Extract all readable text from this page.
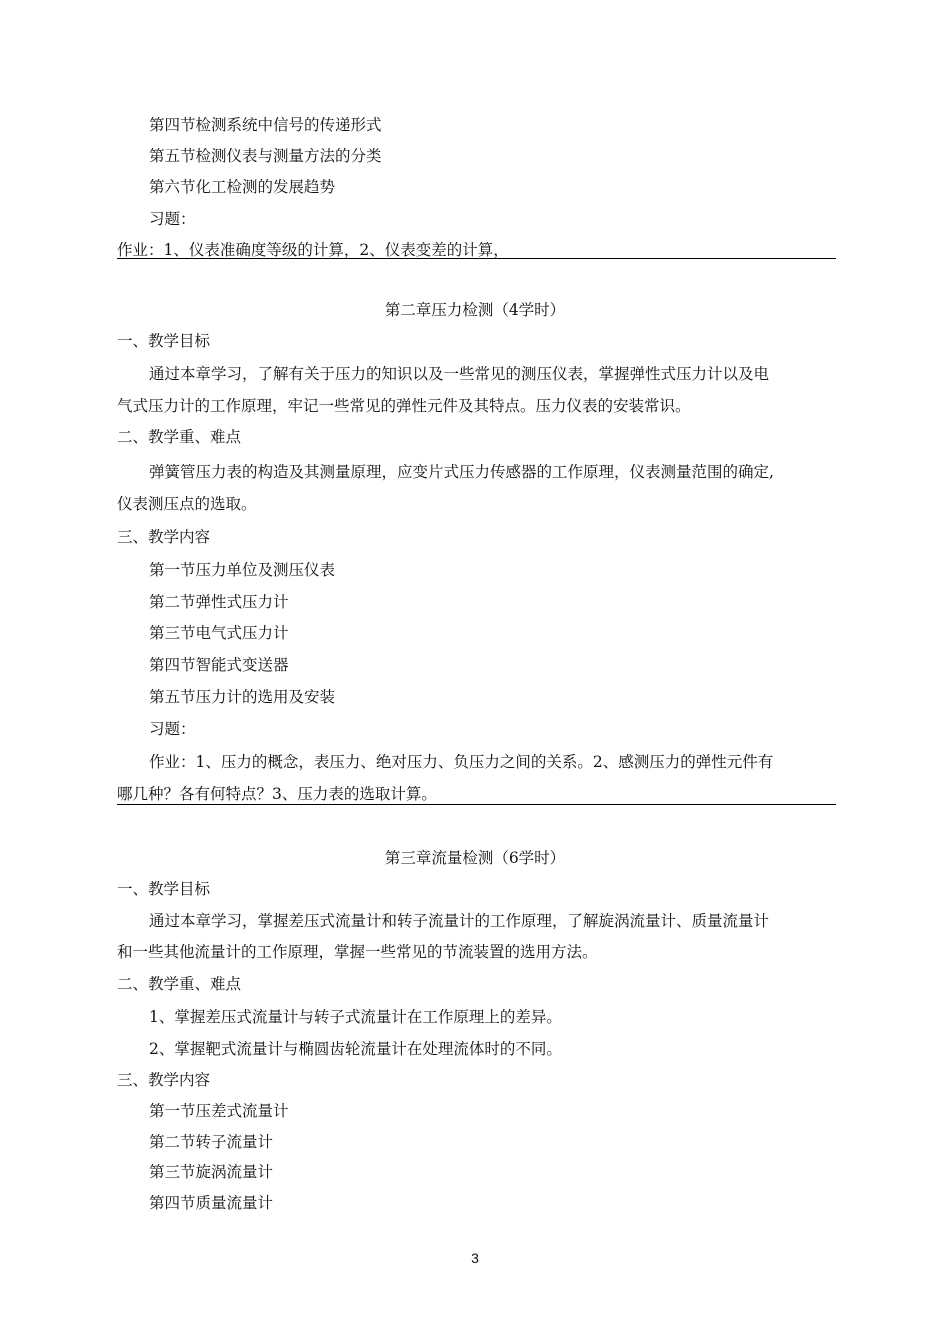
第四节检测系统中信号的传递形式
第五节检测仪表与测量方法的分类
第六节化工检测的发展趋势
习题：
作业：1、仪表准确度等级的计算，2、仪表变差的计算，
第二章压力检测（4学时）
一、教学目标
通过本章学习，了解有关于压力的知识以及一些常见的测压仪表，掌握弹性式压力计以及电
气式压力计的工作原理，牢记一些常见的弹性元件及其特点。压力仪表的安装常识。
二、教学重、难点
弹簧管压力表的构造及其测量原理，应变片式压力传感器的工作原理，仪表测量范围的确定,
仪表测压点的选取。
三、教学内容
第一节压力单位及测压仪表
第二节弹性式压力计
第三节电气式压力计
第四节智能式变送器
第五节压力计的选用及安装
习题：
作业：1、压力的概念，表压力、绝对压力、负压力之间的关系。2、感测压力的弹性元件有
哪几种？各有何特点？3、压力表的选取计算。
第三章流量检测（6学时）
一、教学目标
通过本章学习，掌握差压式流量计和转子流量计的工作原理，了解旋涡流量计、质量流量计
和一些其他流量计的工作原理，掌握一些常见的节流装置的选用方法。
二、教学重、难点
1、掌握差压式流量计与转子式流量计在工作原理上的差异。
2、掌握靶式流量计与椭圆齿轮流量计在处理流体时的不同。
三、教学内容
第一节压差式流量计
第二节转子流量计
第三节旋涡流量计
第四节质量流量计
3
